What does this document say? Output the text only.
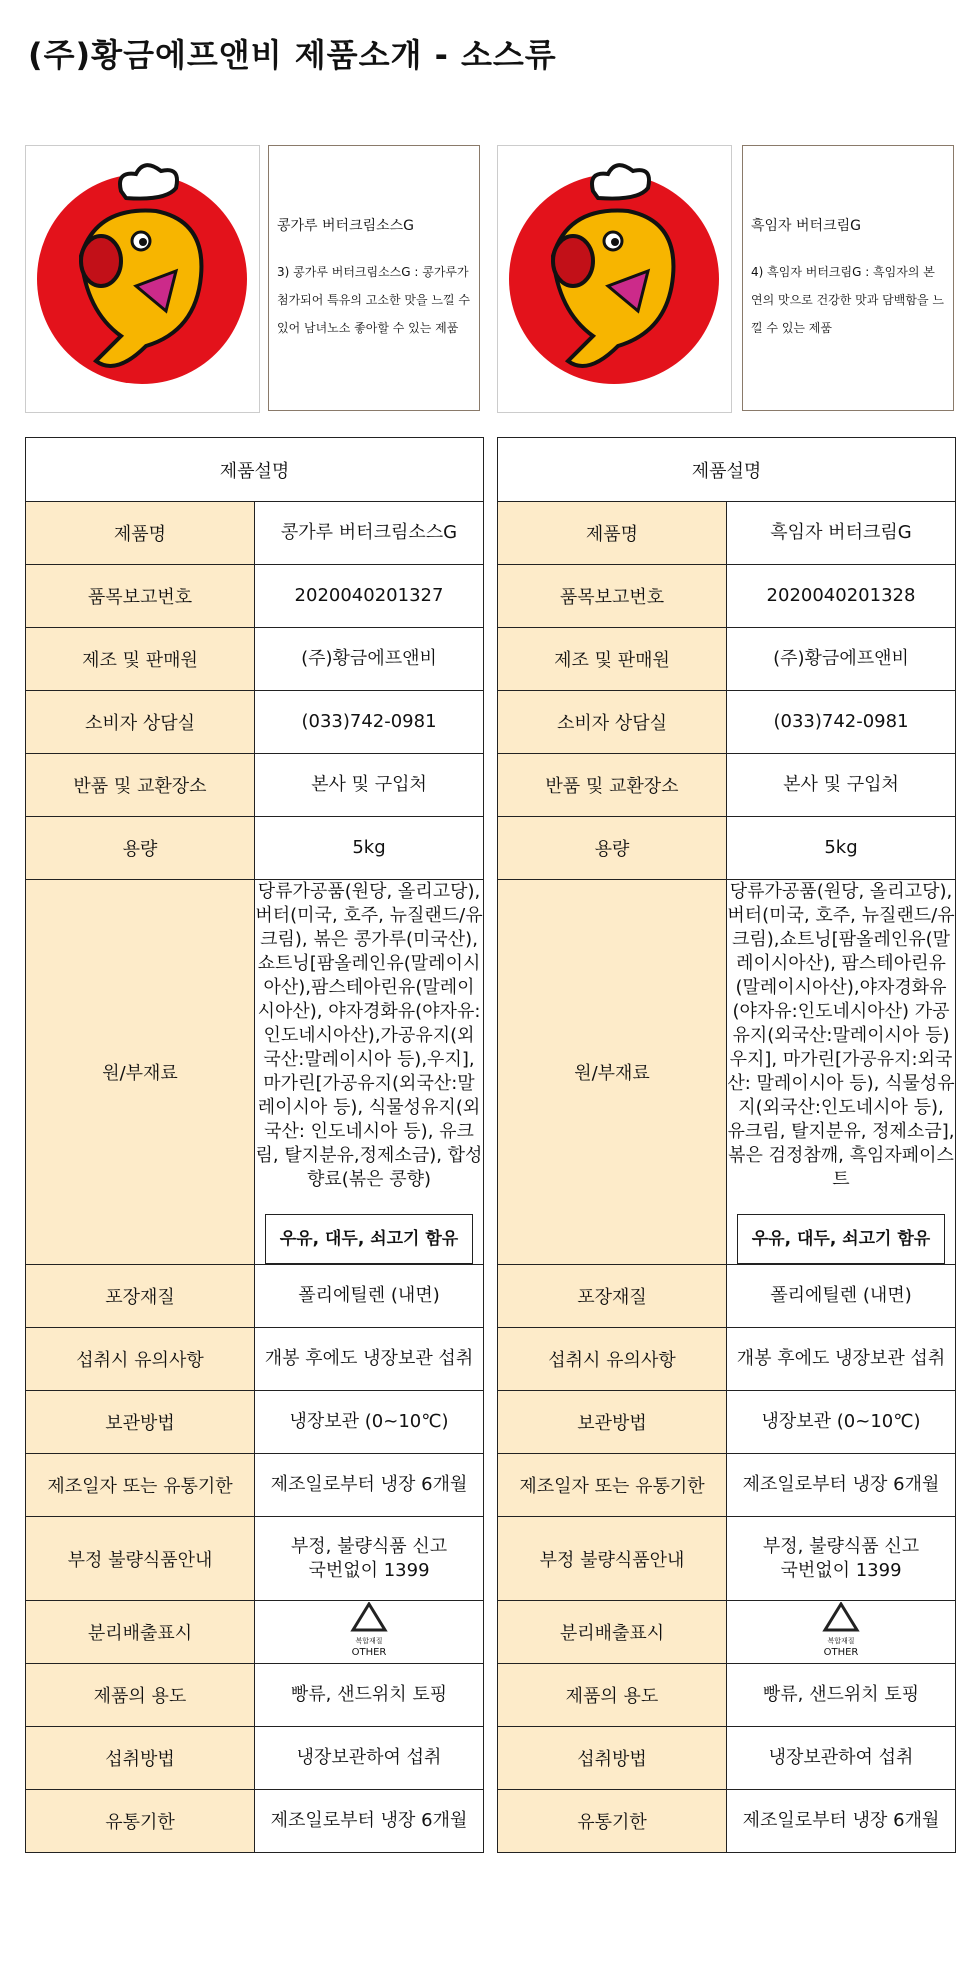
(주)황금에프앤비 제품소개 - 소스류
콩가루 버터크림소스G
3) 콩가루 버터크림소스G : 콩가루가 첨가되어 특유의 고소한 맛을 느낄 수 있어 남녀노소 좋아할 수 있는 제품
흑임자 버터크림G
4) 흑임자 버터크림G : 흑임자의 본연의 맛으로 건강한 맛과 담백함을 느낄 수 있는 제품
제품설명	
제품명	콩가루 버터크림소스G
품목보고번호	2020040201327
제조 및 판매원	(주)황금에프앤비
소비자 상담실	(033)742-0981
반품 및 교환장소	본사 및 구입처
용량	5kg
원/부재료	당류가공품(원당, 올리고당), 버터(미국, 호주, 뉴질랜드/유크림), 볶은 콩가루(미국산), 쇼트닝[팜올레인유(말레이시아산),팜스테아린유(말레이시아산), 야자경화유(야자유:인도네시아산),가공유지(외국산:말레이시아 등),우지],마가린[가공유지(외국산:말레이시아 등), 식물성유지(외국산: 인도네시아 등), 유크림, 탈지분유,정제소금), 합성향료(볶은 콩향)
우유, 대두, 쇠고기 함유
포장재질	폴리에틸렌 (내면)
섭취시 유의사항	개봉 후에도 냉장보관 섭취
보관방법	냉장보관 (0~10℃)
제조일자 또는 유통기한	제조일로부터 냉장 6개월
부정 불량식품안내	부정, 불량식품 신고
국번없이 1399
분리배출표시	복합재질
OTHER
제품의 용도	빵류, 샌드위치 토핑
섭취방법	냉장보관하여 섭취
유통기한	제조일로부터 냉장 6개월
제품설명	
제품명	흑임자 버터크림G
품목보고번호	2020040201328
제조 및 판매원	(주)황금에프앤비
소비자 상담실	(033)742-0981
반품 및 교환장소	본사 및 구입처
용량	5kg
원/부재료	당류가공품(원당, 올리고당), 버터(미국, 호주, 뉴질랜드/유크림),쇼트닝[팜올레인유(말레이시아산), 팜스테아린유(말레이시아산),야자경화유(야자유:인도네시아산) 가공유지(외국산:말레이시아 등) 우지], 마가린[가공유지:외국산: 말레이시아 등), 식물성유지(외국산:인도네시아 등), 유크림, 탈지분유, 정제소금], 볶은 검정참깨, 흑임자페이스트
우유, 대두, 쇠고기 함유
포장재질	폴리에틸렌 (내면)
섭취시 유의사항	개봉 후에도 냉장보관 섭취
보관방법	냉장보관 (0~10℃)
제조일자 또는 유통기한	제조일로부터 냉장 6개월
부정 불량식품안내	부정, 불량식품 신고
국번없이 1399
분리배출표시	복합재질
OTHER
제품의 용도	빵류, 샌드위치 토핑
섭취방법	냉장보관하여 섭취
유통기한	제조일로부터 냉장 6개월
